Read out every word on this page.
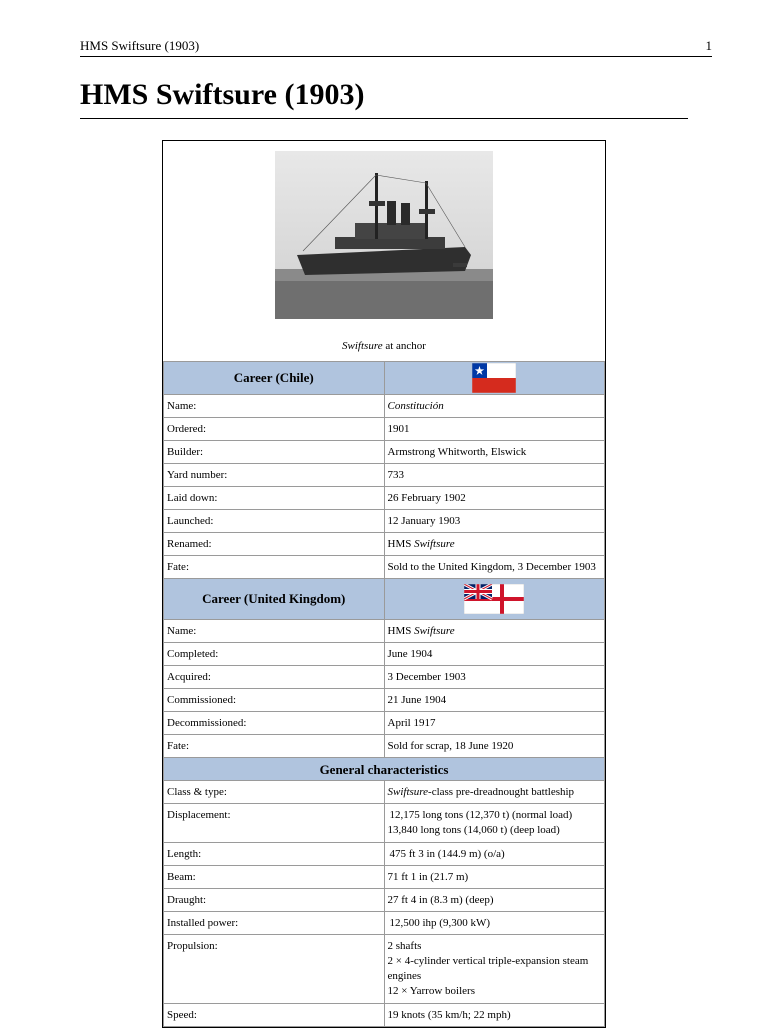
HMS Swiftsure (1903)	1
HMS Swiftsure (1903)

Swiftsure at anchor	
Career (Chile)	
Name:	Constitución
Ordered:	1901
Builder:	Armstrong Whitworth, Elswick
Yard number:	733
Laid down:	26 February 1902
Launched:	12 January 1903
Renamed:	HMS Swiftsure
Fate:	Sold to the United Kingdom, 3 December 1903
Career (United Kingdom)	
Name:	HMS Swiftsure
Completed:	June 1904
Acquired:	3 December 1903
Commissioned:	21 June 1904
Decommissioned:	April 1917
Fate:	Sold for scrap, 18 June 1920
General characteristics	
Class & type:	Swiftsure-class pre-dreadnought battleship
Displacement:	12,175 long tons (12,370 t) (normal load)
13,840 long tons (14,060 t) (deep load)

Length:	475 ft 3 in (144.9 m) (o/a)
Beam:	71 ft 1 in (21.7 m)
Draught:	27 ft 4 in (8.3 m) (deep)
Installed power:	12,500 ihp (9,300 kW)
Propulsion:	2 shafts
2 × 4-cylinder vertical triple-expansion steam engines
12 × Yarrow boilers

Speed:	19 knots (35 km/h; 22 mph)
